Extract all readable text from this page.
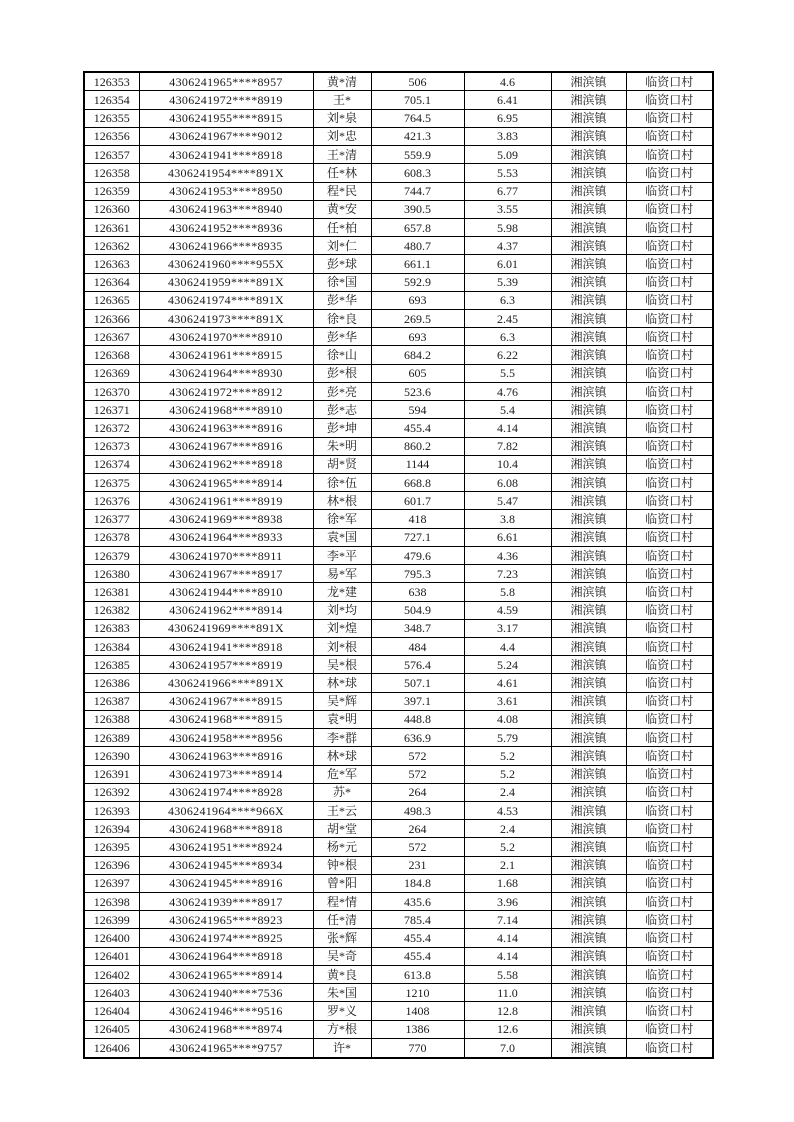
126353	4306241965****8957	黄*清	506	4.6	湘滨镇	临资口村
126354	4306241972****8919	王*	705.1	6.41	湘滨镇	临资口村
126355	4306241955****8915	刘*泉	764.5	6.95	湘滨镇	临资口村
126356	4306241967****9012	刘*忠	421.3	3.83	湘滨镇	临资口村
126357	4306241941****8918	王*清	559.9	5.09	湘滨镇	临资口村
126358	4306241954****891X	任*林	608.3	5.53	湘滨镇	临资口村
126359	4306241953****8950	程*民	744.7	6.77	湘滨镇	临资口村
126360	4306241963****8940	黄*安	390.5	3.55	湘滨镇	临资口村
126361	4306241952****8936	任*柏	657.8	5.98	湘滨镇	临资口村
126362	4306241966****8935	刘*仁	480.7	4.37	湘滨镇	临资口村
126363	4306241960****955X	彭*球	661.1	6.01	湘滨镇	临资口村
126364	4306241959****891X	徐*国	592.9	5.39	湘滨镇	临资口村
126365	4306241974****891X	彭*华	693	6.3	湘滨镇	临资口村
126366	4306241973****891X	徐*良	269.5	2.45	湘滨镇	临资口村
126367	4306241970****8910	彭*华	693	6.3	湘滨镇	临资口村
126368	4306241961****8915	徐*山	684.2	6.22	湘滨镇	临资口村
126369	4306241964****8930	彭*根	605	5.5	湘滨镇	临资口村
126370	4306241972****8912	彭*亮	523.6	4.76	湘滨镇	临资口村
126371	4306241968****8910	彭*志	594	5.4	湘滨镇	临资口村
126372	4306241963****8916	彭*坤	455.4	4.14	湘滨镇	临资口村
126373	4306241967****8916	朱*明	860.2	7.82	湘滨镇	临资口村
126374	4306241962****8918	胡*贤	1144	10.4	湘滨镇	临资口村
126375	4306241965****8914	徐*伍	668.8	6.08	湘滨镇	临资口村
126376	4306241961****8919	林*根	601.7	5.47	湘滨镇	临资口村
126377	4306241969****8938	徐*军	418	3.8	湘滨镇	临资口村
126378	4306241964****8933	袁*国	727.1	6.61	湘滨镇	临资口村
126379	4306241970****8911	李*平	479.6	4.36	湘滨镇	临资口村
126380	4306241967****8917	易*军	795.3	7.23	湘滨镇	临资口村
126381	4306241944****8910	龙*建	638	5.8	湘滨镇	临资口村
126382	4306241962****8914	刘*均	504.9	4.59	湘滨镇	临资口村
126383	4306241969****891X	刘*煌	348.7	3.17	湘滨镇	临资口村
126384	4306241941****8918	刘*根	484	4.4	湘滨镇	临资口村
126385	4306241957****8919	吴*根	576.4	5.24	湘滨镇	临资口村
126386	4306241966****891X	林*球	507.1	4.61	湘滨镇	临资口村
126387	4306241967****8915	吴*辉	397.1	3.61	湘滨镇	临资口村
126388	4306241968****8915	袁*明	448.8	4.08	湘滨镇	临资口村
126389	4306241958****8956	李*群	636.9	5.79	湘滨镇	临资口村
126390	4306241963****8916	林*球	572	5.2	湘滨镇	临资口村
126391	4306241973****8914	危*军	572	5.2	湘滨镇	临资口村
126392	4306241974****8928	苏*	264	2.4	湘滨镇	临资口村
126393	4306241964****966X	王*云	498.3	4.53	湘滨镇	临资口村
126394	4306241968****8918	胡*堂	264	2.4	湘滨镇	临资口村
126395	4306241951****8924	杨*元	572	5.2	湘滨镇	临资口村
126396	4306241945****8934	钟*根	231	2.1	湘滨镇	临资口村
126397	4306241945****8916	曾*阳	184.8	1.68	湘滨镇	临资口村
126398	4306241939****8917	程*情	435.6	3.96	湘滨镇	临资口村
126399	4306241965****8923	任*清	785.4	7.14	湘滨镇	临资口村
126400	4306241974****8925	张*辉	455.4	4.14	湘滨镇	临资口村
126401	4306241964****8918	吴*奇	455.4	4.14	湘滨镇	临资口村
126402	4306241965****8914	黄*良	613.8	5.58	湘滨镇	临资口村
126403	4306241940****7536	朱*国	1210	11.0	湘滨镇	临资口村
126404	4306241946****9516	罗*义	1408	12.8	湘滨镇	临资口村
126405	4306241968****8974	方*根	1386	12.6	湘滨镇	临资口村
126406	4306241965****9757	许*	770	7.0	湘滨镇	临资口村
